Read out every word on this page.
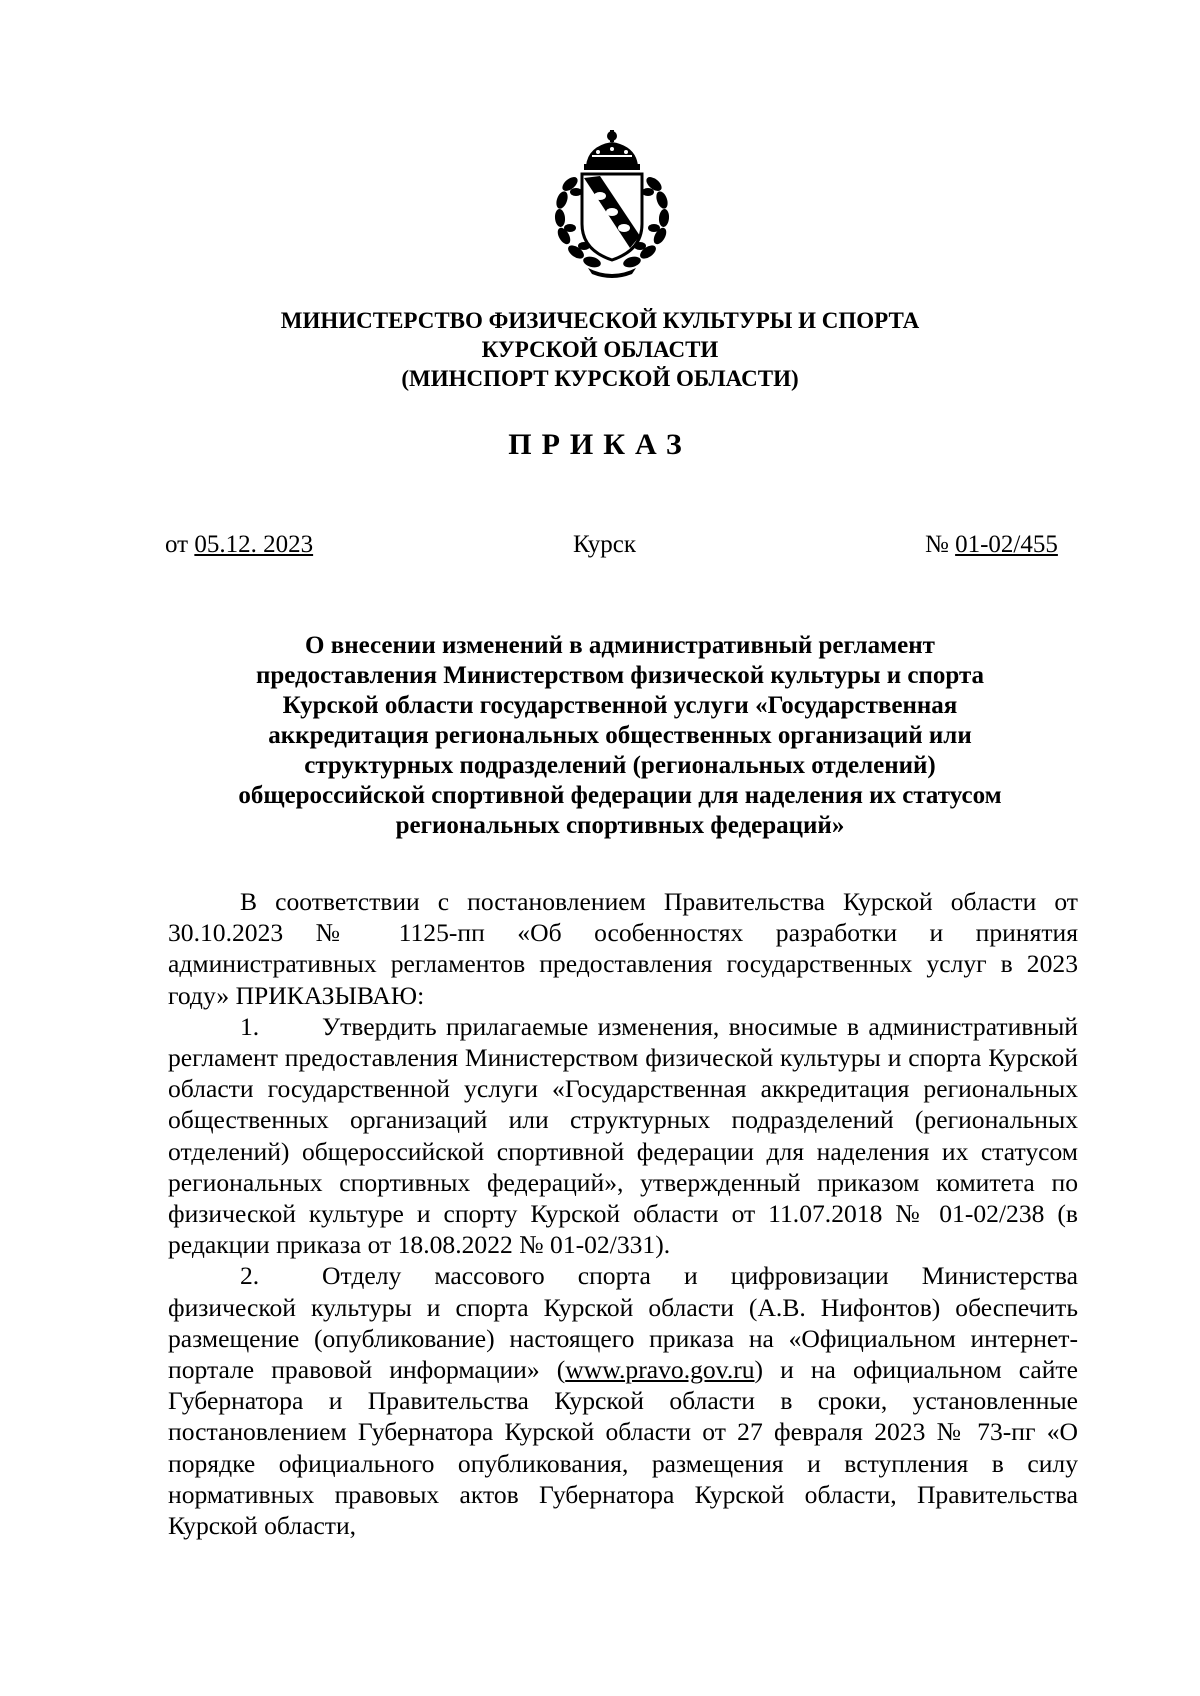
МИНИСТЕРСТВО ФИЗИЧЕСКОЙ КУЛЬТУРЫ И СПОРТА
КУРСКОЙ ОБЛАСТИ
(МИНСПОРТ КУРСКОЙ ОБЛАСТИ)
ПРИКАЗ
от 05.12. 2023	Курск	№ 01-02/455
О внесении изменений в административный регламент
предоставления Министерством физической культуры и спорта
Курской области государственной услуги «Государственная
аккредитация региональных общественных организаций или
структурных подразделений (региональных отделений)
общероссийской спортивной федерации для наделения их статусом
региональных спортивных федераций»

В соответствии с постановлением Правительства Курской области от 30.10.2023 № 1125-пп «Об особенностях разработки и принятия административных регламентов предоставления государственных услуг в 2023 году» ПРИКАЗЫВАЮ:

1. Утвердить прилагаемые изменения, вносимые в административный регламент предоставления Министерством физической культуры и спорта Курской области государственной услуги «Государственная аккредитация региональных общественных организаций или структурных подразделений (региональных отделений) общероссийской спортивной федерации для наделения их статусом региональных спортивных федераций», утвержденный приказом комитета по физической культуре и спорту Курской области от 11.07.2018 № 01-02/238 (в редакции приказа от 18.08.2022 № 01-02/331).

2. Отделу массового спорта и цифровизации Министерства физической культуры и спорта Курской области (А.В. Нифонтов) обеспечить размещение (опубликование) настоящего приказа на «Официальном интернет-портале правовой информации» (www.pravo.gov.ru) и на официальном сайте Губернатора и Правительства Курской области в сроки, установленные постановлением Губернатора Курской области от 27 февраля 2023 № 73-пг «О порядке официального опубликования, размещения и вступления в силу нормативных правовых актов Губернатора Курской области, Правительства Курской области,
